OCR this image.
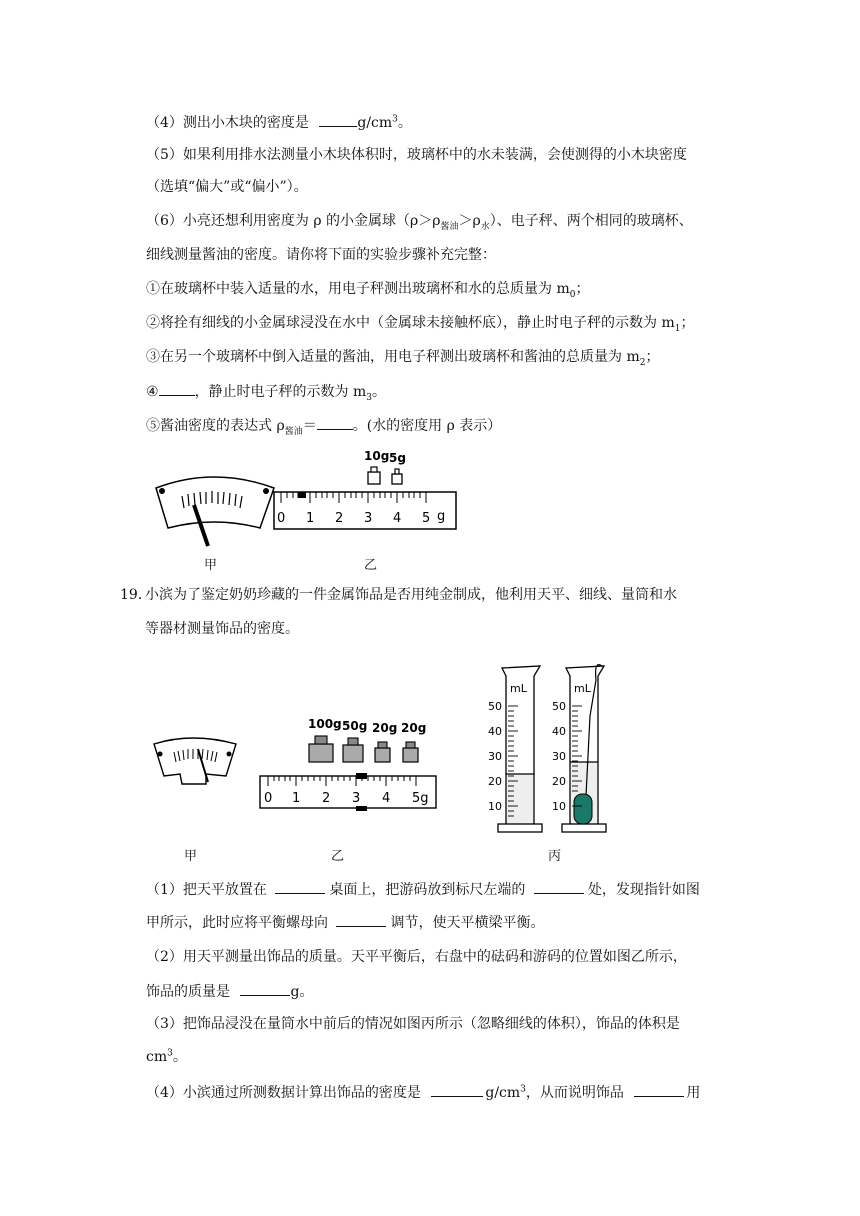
（4）测出小木块的密度是	$g/cm^3$。
（5）如果利用排水法测量小木块体积时，玻璃杯中的水未装满，会使测得的小木块密度
（选填“偏大”或“偏小”）。
（6）小亮还想利用密度为 ρ 的小金属球$(\rho>\rho_{酱油}>\rho_水)$、电子秤、两个相同的玻璃杯、
细线测量酱油的密度。请你将下面的实验步骤补充完整：
①在玻璃杯中装入适量的水，用电子秤测出玻璃杯和水的总质量为 $m_0$；
②将拴有细线的小金属球浸没在水中（金属球未接触杯底），静止时电子秤的示数为 $m_1$；
③在另一个玻璃杯中倒入适量的酱油，用电子秤测出玻璃杯和酱油的总质量为 $m_2$；
④	，静止时电子秤的示数为 $m_3$。
⑤酱油密度的表达式 $\rho_{酱油}=$	。(水的密度用 ρ 表示）
10g 5g
0 1 2 3 4 5 g
甲	乙
19. 小滨为了鉴定奶奶珍藏的一件金属饰品是否用纯金制成，他利用天平、细线、量筒和水
等器材测量饰品的密度。
100g 50g 20g 20g
0 1 2 3 4 5g
mL
50
40
30
20
10
mL
50
40
30
20
10
甲	乙	丙
（1）把天平放置在	桌面上，把游码放到标尺左端的	处，发现指针如图
甲所示，此时应将平衡螺母向	调节，使天平横梁平衡。
（2）用天平测量出饰品的质量。天平平衡后，右盘中的砝码和游码的位置如图乙所示，
饰品的质量是	g。
（3）把饰品浸没在量筒水中前后的情况如图丙所示（忽略细线的体积），饰品的体积是
$cm^3$。
（4）小滨通过所测数据计算出饰品的密度是	$g/cm^3$，从而说明饰品	用
